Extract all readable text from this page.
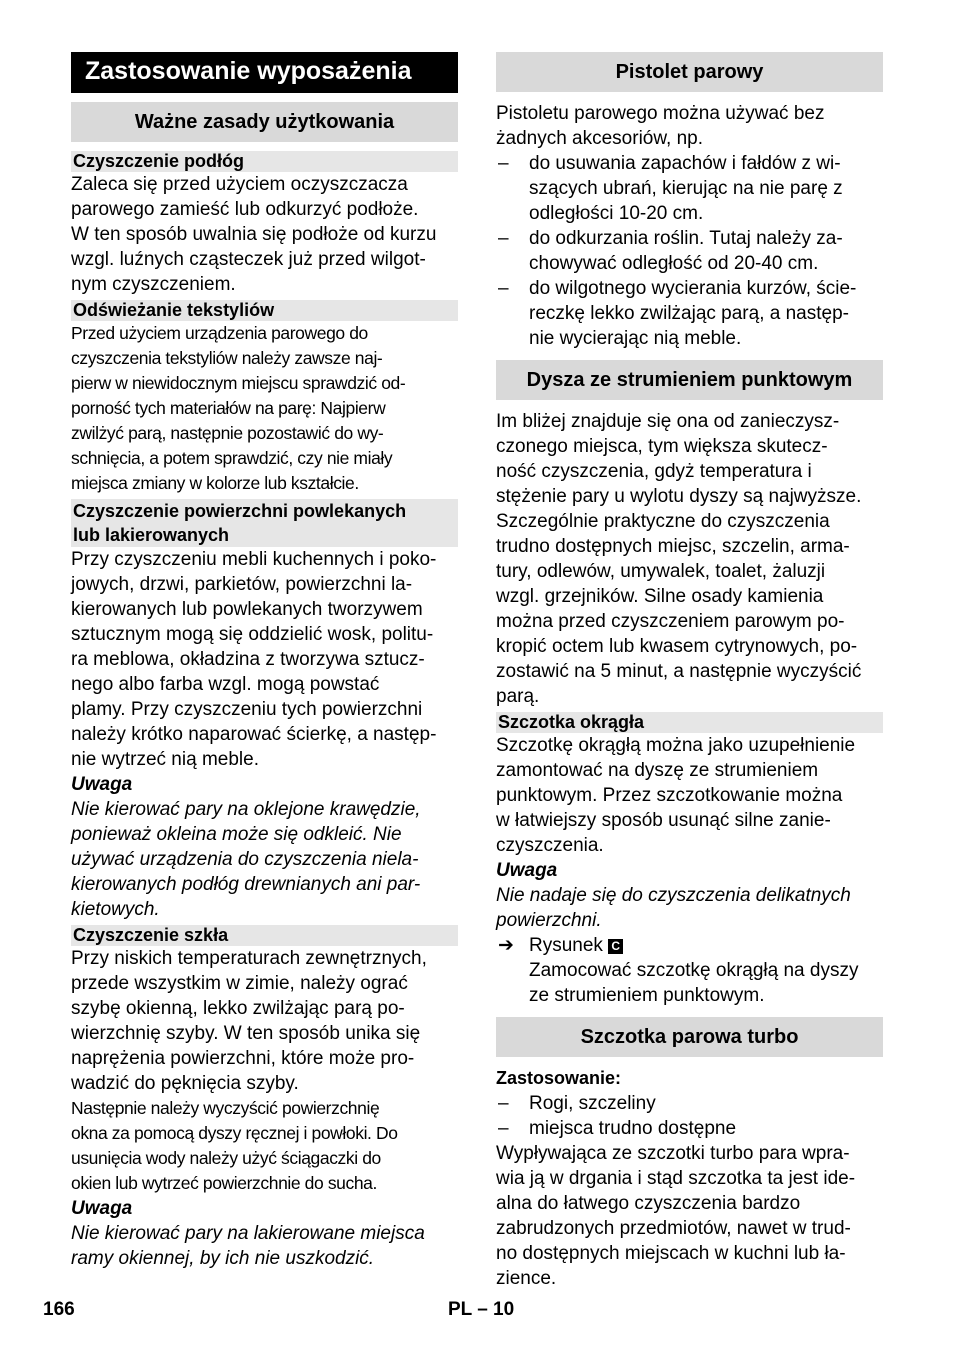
Zastosowanie wyposażenia
Ważne zasady użytkowania
Czyszczenie podłóg

Zaleca się przed użyciem oczyszczacza
parowego zamieść lub odkurzyć podłoże.
W ten sposób uwalnia się podłoże od kurzu
wzgl. luźnych cząsteczek już przed wilgot-
nym czyszczeniem.

Odświeżanie tekstyliów

Przed użyciem urządzenia parowego do
czyszczenia tekstyliów należy zawsze naj-
pierw w niewidocznym miejscu sprawdzić od-
porność tych materiałów na parę: Najpierw
zwilżyć parą, następnie pozostawić do wy-
schnięcia, a potem sprawdzić, czy nie miały
miejsca zmiany w kolorze lub kształcie.

Czyszczenie powierzchni powlekanych
lub lakierowanych

Przy czyszczeniu mebli kuchennych i poko-
jowych, drzwi, parkietów, powierzchni la-
kierowanych lub powlekanych tworzywem
sztucznym mogą się oddzielić wosk, politu-
ra meblowa, okładzina z tworzywa sztucz-
nego albo farba wzgl. mogą powstać
plamy. Przy czyszczeniu tych powierzchni
należy krótko naparować ścierkę, a następ-
nie wytrzeć nią meble.

Uwaga
Nie kierować pary na oklejone krawędzie,
ponieważ okleina może się odkleić. Nie
używać urządzenia do czyszczenia niela-
kierowanych podłóg drewnianych ani par-
kietowych.
Czyszczenie szkła

Przy niskich temperaturach zewnętrznych,
przede wszystkim w zimie, należy ograć
szybę okienną, lekko zwilżając parą po-
wierzchnię szyby. W ten sposób unika się
naprężenia powierzchni, które może pro-
wadzić do pęknięcia szyby.

Następnie należy wyczyścić powierzchnię
okna za pomocą dyszy ręcznej i powłoki. Do
usunięcia wody należy użyć ściągaczki do
okien lub wytrzeć powierzchnie do sucha.

Uwaga
Nie kierować pary na lakierowane miejsca
ramy okiennej, by ich nie uszkodzić.
Pistolet parowy

Pistoletu parowego można używać bez
żadnych akcesoriów, np.

– do usuwania zapachów i fałdów z wi-
szących ubrań, kierując na nie parę z
odległości 10-20 cm.
– do odkurzania roślin. Tutaj należy za-
chowywać odległość od 20-40 cm.
– do wilgotnego wycierania kurzów, ście-
reczkę lekko zwilżając parą, a następ-
nie wycierając nią meble.
Dysza ze strumieniem punktowym

Im bliżej znajduje się ona od zanieczysz-
czonego miejsca, tym większa skutecz-
ność czyszczenia, gdyż temperatura i
stężenie pary u wylotu dyszy są najwyższe.
Szczególnie praktyczne do czyszczenia
trudno dostępnych miejsc, szczelin, arma-
tury, odlewów, umywalek, toalet, żaluzji
wzgl. grzejników. Silne osady kamienia
można przed czyszczeniem parowym po-
kropić octem lub kwasem cytrynowych, po-
zostawić na 5 minut, a następnie wyczyścić
parą.

Szczotka okrągła

Szczotkę okrągłą można jako uzupełnienie
zamontować na dyszę ze strumieniem
punktowym. Przez szczotkowanie można
w łatwiejszy sposób usunąć silne zanie-
czyszczenia.

Uwaga
Nie nadaje się do czyszczenia delikatnych
powierzchni.
➔ Rysunek C
Zamocować szczotkę okrągłą na dyszy
ze strumieniem punktowym.
Szczotka parowa turbo
Zastosowanie:
– Rogi, szczeliny
– miejsca trudno dostępne

Wypływająca ze szczotki turbo para wpra-
wia ją w drgania i stąd szczotka ta jest ide-
alna do łatwego czyszczenia bardzo
zabrudzonych przedmiotów, nawet w trud-
no dostępnych miejscach w kuchni lub ła-
zience.

166	PL – 10
